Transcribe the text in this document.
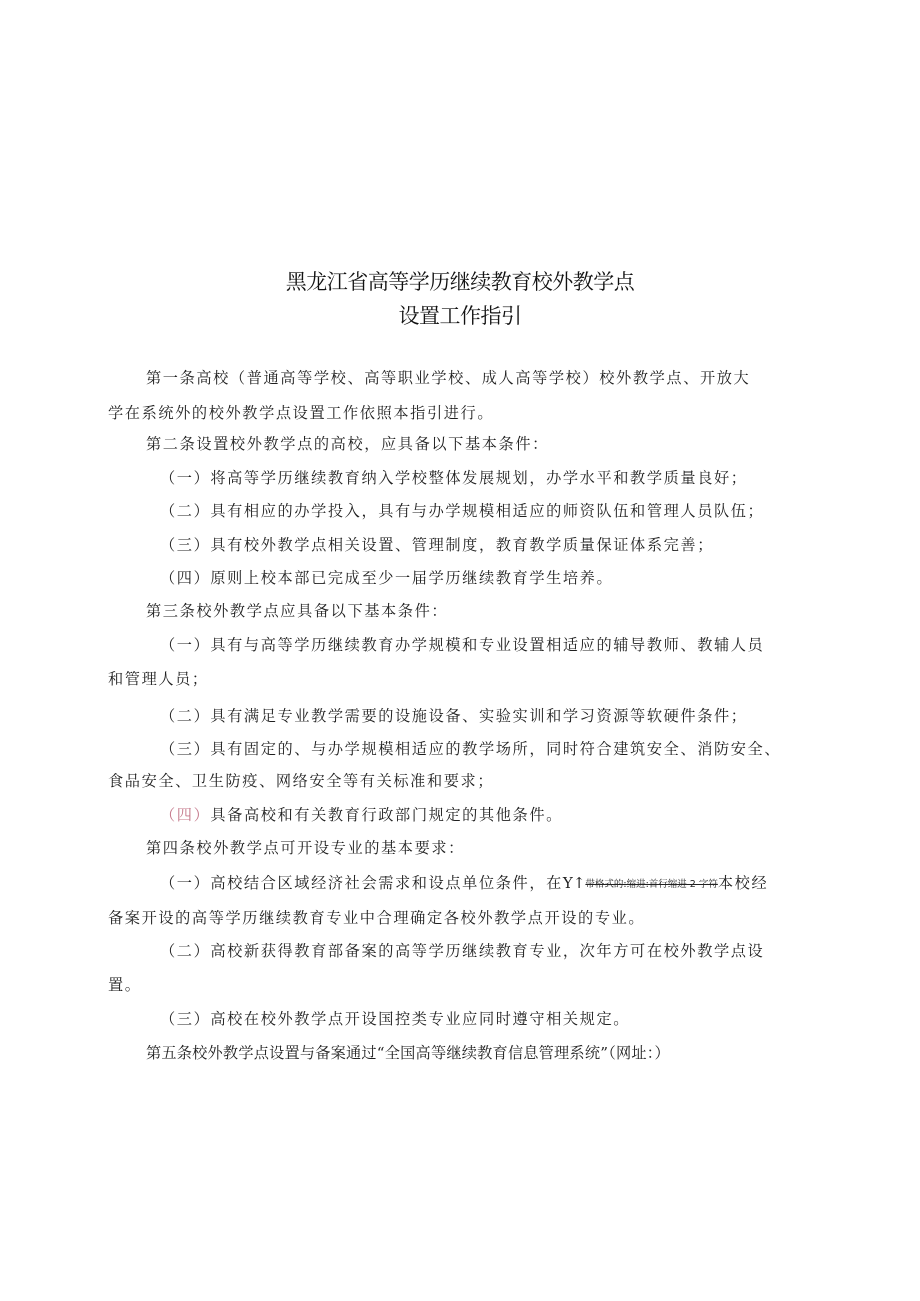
黑龙江省高等学历继续教育校外教学点
设置工作指引
第一条高校（普通高等学校、高等职业学校、成人高等学校）校外教学点、开放大
学在系统外的校外教学点设置工作依照本指引进行。
第二条设置校外教学点的高校，应具备以下基本条件：
（一）将高等学历继续教育纳入学校整体发展规划，办学水平和教学质量良好；
（二）具有相应的办学投入，具有与办学规模相适应的师资队伍和管理人员队伍；
（三）具有校外教学点相关设置、管理制度，教育教学质量保证体系完善；
（四）原则上校本部已完成至少一届学历继续教育学生培养。
第三条校外教学点应具备以下基本条件：
（一）具有与高等学历继续教育办学规模和专业设置相适应的辅导教师、教辅人员
和管理人员；
（二）具有满足专业教学需要的设施设备、实验实训和学习资源等软硬件条件；
（三）具有固定的、与办学规模相适应的教学场所，同时符合建筑安全、消防安全、
食品安全、卫生防疫、网络安全等有关标准和要求；
（四）具备高校和有关教育行政部门规定的其他条件。
第四条校外教学点可开设专业的基本要求：
（一）高校结合区域经济社会需求和设点单位条件，在Y↑带格式的:缩进:首行缩进 2 字符本校经
备案开设的高等学历继续教育专业中合理确定各校外教学点开设的专业。
（二）高校新获得教育部备案的高等学历继续教育专业，次年方可在校外教学点设
置。
（三）高校在校外教学点开设国控类专业应同时遵守相关规定。
第五条校外教学点设置与备案通过“全国高等继续教育信息管理系统”（网址：）
